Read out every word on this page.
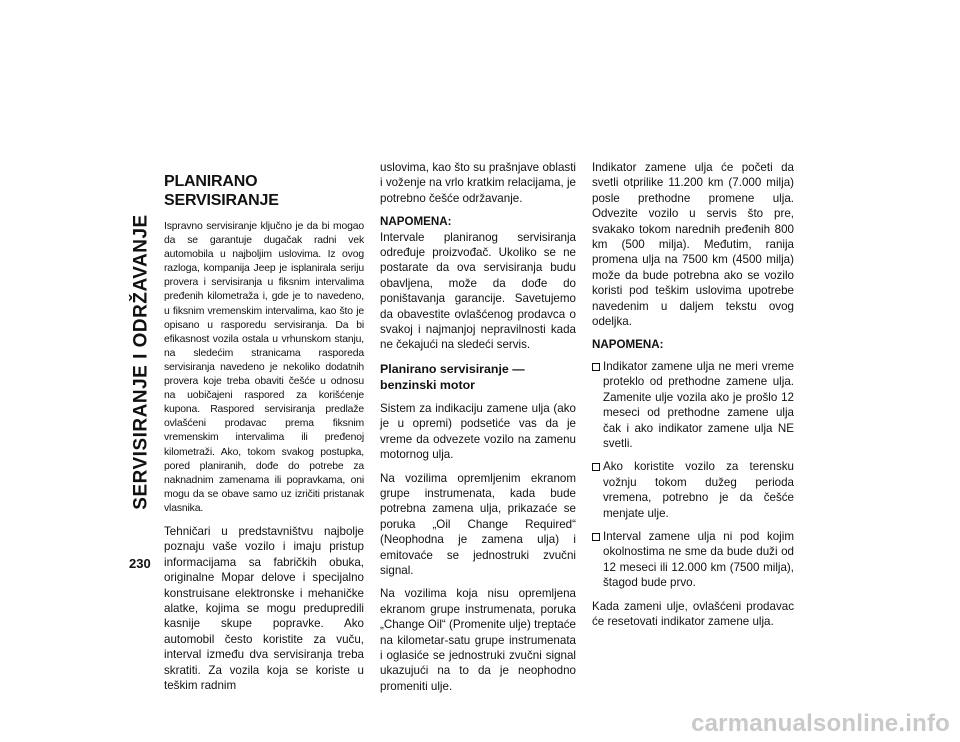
SERVISIRANJE I ODRŽAVANJE
230
PLANIRANO SERVISIRANJE

Ispravno servisiranje ključno je da bi mogao da se garantuje dugačak radni vek automobila u najboljim uslovima. Iz ovog razloga, kompanija Jeep je isplanirala seriju provera i servisiranja u fiksnim intervalima pređenih kilometraža i, gde je to navedeno, u fiksnim vremenskim intervalima, kao što je opisano u rasporedu servisiranja. Da bi efikasnost vozila ostala u vrhunskom stanju, na sledećim stranicama rasporeda servisiranja navedeno je nekoliko dodatnih provera koje treba obaviti češće u odnosu na uobičajeni raspored za korišćenje kupona. Raspored servisiranja predlaže ovlašćeni prodavac prema fiksnim vremenskim intervalima ili pređenoj kilometraži. Ako, tokom svakog postupka, pored planiranih, dođe do potrebe za naknadnim zamenama ili popravkama, oni mogu da se obave samo uz izričiti pristanak vlasnika.

Tehničari u predstavništvu najbolje poznaju vaše vozilo i imaju pristup informacijama sa fabričkih obuka, originalne Mopar delove i specijalno konstruisane elektronske i mehaničke alatke, kojima se mogu predupredili kasnije skupe popravke. Ako automobil često koristite za vuču, interval između dva servisiranja treba skratiti. Za vozila koja se koriste u teškim radnim

uslovima, kao što su prašnjave oblasti i voženje na vrlo kratkim relacijama, je potrebno češće održavanje.

NAPOMENA:
Intervale planiranog servisiranja određuje proizvođač. Ukoliko se ne postarate da ova servisiranja budu obavljena, može da dođe do poništavanja garancije. Savetujemo da obavestite ovlašćenog prodavca o svakoj i najmanjoj nepravilnosti kada ne čekajući na sledeći servis.

Planirano servisiranje — benzinski motor

Sistem za indikaciju zamene ulja (ako je u opremi) podsetiće vas da je vreme da odvezete vozilo na zamenu motornog ulja.

Na vozilima opremljenim ekranom grupe instrumenata, kada bude potrebna zamena ulja, prikazaće se poruka „Oil Change Required“ (Neophodna je zamena ulja) i emitovaće se jednostruki zvučni signal.

Na vozilima koja nisu opremljena ekranom grupe instrumenata, poruka „Change Oil“ (Promenite ulje) treptaće na kilometar-satu grupe instrumenata i oglasiće se jednostruki zvučni signal ukazujući na to da je neophodno promeniti ulje.

Indikator zamene ulja će početi da svetli otprilike 11.200 km (7.000 milja) posle prethodne promene ulja. Odvezite vozilo u servis što pre, svakako tokom narednih pređenih 800 km (500 milja). Međutim, ranija promena ulja na 7500 km (4500 milja) može da bude potrebna ako se vozilo koristi pod teškim uslovima upotrebe navedenim u daljem tekstu ovog odeljka.

NAPOMENA:

Indikator zamene ulja ne meri vreme proteklo od prethodne zamene ulja. Zamenite ulje vozila ako je prošlo 12 meseci od prethodne zamene ulja čak i ako indikator zamene ulja NE svetli.
Ako koristite vozilo za terensku vožnju tokom dužeg perioda vremena, potrebno je da češće menjate ulje.
Interval zamene ulja ni pod kojim okolnostima ne sme da bude duži od 12 meseci ili 12.000 km (7500 milja), štagod bude prvo.

Kada zameni ulje, ovlašćeni prodavac će resetovati indikator zamene ulja.

carmanualsonline.info
